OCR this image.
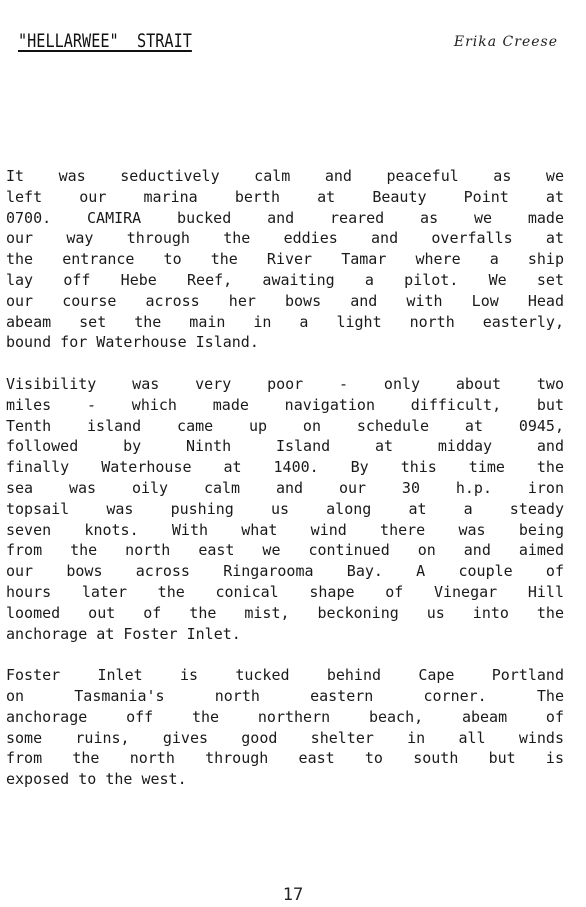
"HELLARWEE"  STRAIT	Erika Creese
It was seductively calm and peaceful as we
left our marina berth at Beauty Point at
0700. CAMIRA bucked and reared as we made
our way through the eddies and overfalls at
the entrance to the River Tamar where a ship
lay off Hebe Reef, awaiting a pilot. We set
our course across her bows and with Low Head
abeam set the main in a light north easterly,
bound for Waterhouse Island.
Visibility was very poor - only about two
miles - which made navigation difficult, but
Tenth island came up on schedule at 0945,
followed by Ninth Island at midday and
finally Waterhouse at 1400. By this time the
sea was oily calm and our 30 h.p. iron
topsail was pushing us along at a steady
seven knots. With what wind there was being
from the north east we continued on and aimed
our bows across Ringarooma Bay. A couple of
hours later the conical shape of Vinegar Hill
loomed out of the mist, beckoning us into the
anchorage at Foster Inlet.
Foster Inlet is tucked behind Cape Portland
on Tasmania's north eastern corner. The
anchorage off the northern beach, abeam of
some ruins, gives good shelter in all winds
from the north through east to south but is
exposed to the west.
17
